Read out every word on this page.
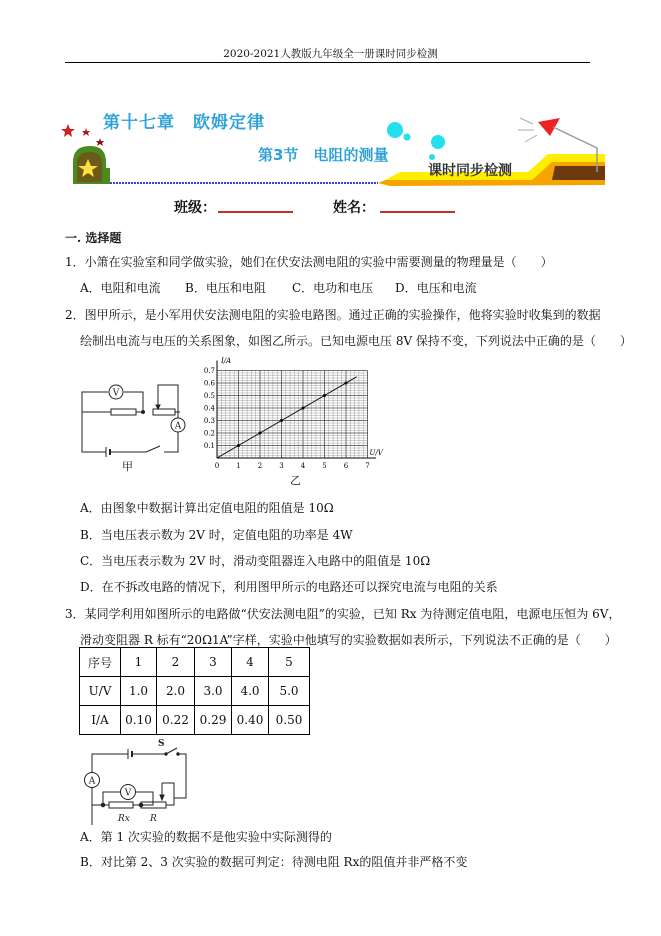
2020-2021人教版九年级全一册课时同步检测
第十七章　欧姆定律
第3节　电阻的测量
课时同步检测
班级：	姓名：
一. 选择题
1．小箫在实验室和同学做实验，她们在伏安法测电阻的实验中需要测量的物理量是（　　）
A．电阻和电流 B．电压和电阻 C．电功和电压 D．电压和电流
2．图甲所示，是小军用伏安法测电阻的实验电路图。通过正确的实验操作，他将实验时收集到的数据
绘制出电流与电压的关系图象，如图乙所示。已知电源电压 8V 保持不变，下列说法中正确的是（　　）
V
A
甲	0 1 2 3 4 5 6 7
0.1
0.2
0.3
0.4
0.5
0.6
0.7
I/A
U/V
乙
A．由图象中数据计算出定值电阻的阻值是 10Ω
B．当电压表示数为 2V 时，定值电阻的功率是 4W
C．当电压表示数为 2V 时，滑动变阻器连入电路中的阻值是 10Ω
D．在不拆改电路的情况下，利用图甲所示的电路还可以探究电流与电阻的关系
3．某同学利用如图所示的电路做“伏安法测电阻”的实验，已知 Rx 为待测定值电阻，电源电压恒为 6V，
滑动变阻器 R 标有“20Ω1A”字样，实验中他填写的实验数据如表所示，下列说法不正确的是（　　）
序号	1	2	3	4	5
U/V	1.0	2.0	3.0	4.0	5.0
I/A	0.10	0.22	0.29	0.40	0.50
A
V
S
Rx R
A．第 1 次实验的数据不是他实验中实际测得的
B．对比第 2、3 次实验的数据可判定：待测电阻 Rx的阻值并非严格不变
